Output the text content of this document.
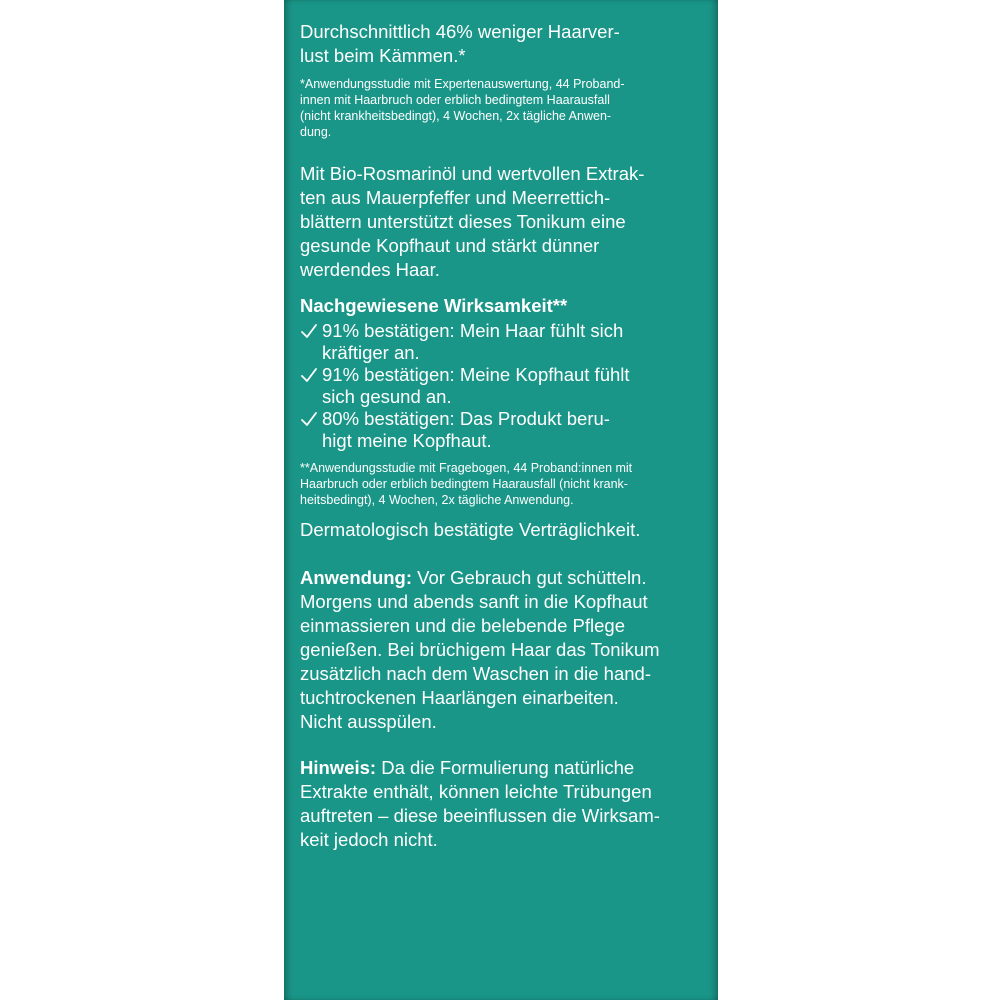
Durchschnittlich 46% weniger Haarver-
lust beim Kämmen.*

*Anwendungsstudie mit Expertenauswertung, 44 Proband-
innen mit Haarbruch oder erblich bedingtem Haarausfall
(nicht krankheitsbedingt), 4 Wochen, 2x tägliche Anwen-
dung.

Mit Bio-Rosmarinöl und wertvollen Extrak-
ten aus Mauerpfeffer und Meerrettich-
blättern unterstützt dieses Tonikum eine
gesunde Kopfhaut und stärkt dünner
werdendes Haar.

Nachgewiesene Wirksamkeit**

91% bestätigen: Mein Haar fühlt sich
kräftiger an.
91% bestätigen: Meine Kopfhaut fühlt
sich gesund an.
80% bestätigen: Das Produkt beru-
higt meine Kopfhaut.

**Anwendungsstudie mit Fragebogen, 44 Proband:innen mit
Haarbruch oder erblich bedingtem Haarausfall (nicht krank-
heitsbedingt), 4 Wochen, 2x tägliche Anwendung.

Dermatologisch bestätigte Verträglichkeit.

Anwendung: Vor Gebrauch gut schütteln.
Morgens und abends sanft in die Kopfhaut
einmassieren und die belebende Pflege
genießen. Bei brüchigem Haar das Tonikum
zusätzlich nach dem Waschen in die hand-
tuchtrockenen Haarlängen einarbeiten.
Nicht ausspülen.

Hinweis: Da die Formulierung natürliche
Extrakte enthält, können leichte Trübungen
auftreten – diese beeinflussen die Wirksam-
keit jedoch nicht.
